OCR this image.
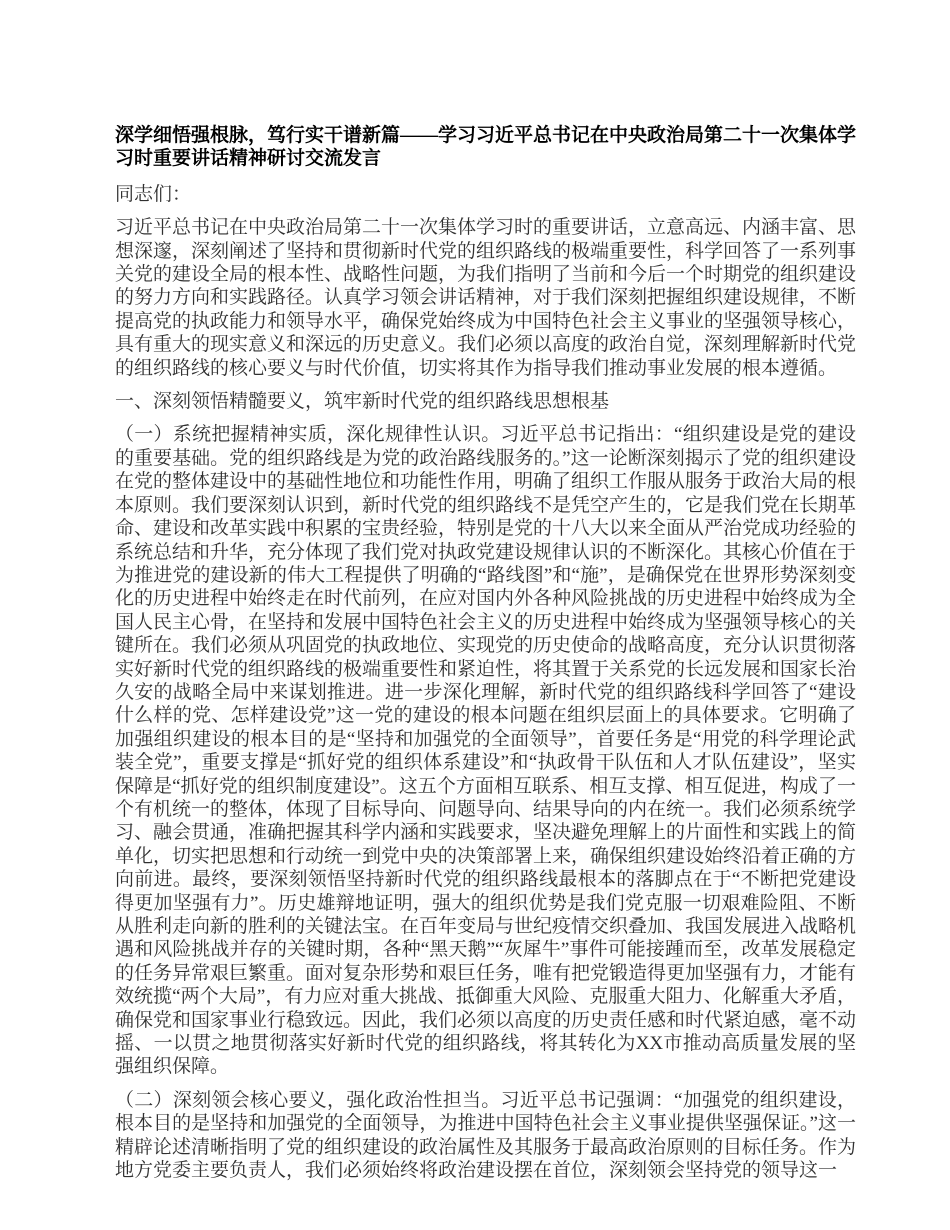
深学细悟强根脉，笃行实干谱新篇——学习习近平总书记在中央政治局第二十一次集体学习时重要讲话精神研讨交流发言

同志们：

习近平总书记在中央政治局第二十一次集体学习时的重要讲话，立意高远、内涵丰富、思想深邃，深刻阐述了坚持和贯彻新时代党的组织路线的极端重要性，科学回答了一系列事关党的建设全局的根本性、战略性问题，为我们指明了当前和今后一个时期党的组织建设的努力方向和实践路径。认真学习领会讲话精神，对于我们深刻把握组织建设规律，不断提高党的执政能力和领导水平，确保党始终成为中国特色社会主义事业的坚强领导核心，具有重大的现实意义和深远的历史意义。我们必须以高度的政治自觉，深刻理解新时代党的组织路线的核心要义与时代价值，切实将其作为指导我们推动事业发展的根本遵循。

一、深刻领悟精髓要义，筑牢新时代党的组织路线思想根基

（一）系统把握精神实质，深化规律性认识。习近平总书记指出：“组织建设是党的建设的重要基础。党的组织路线是为党的政治路线服务的。”这一论断深刻揭示了党的组织建设在党的整体建设中的基础性地位和功能性作用，明确了组织工作服从服务于政治大局的根本原则。我们要深刻认识到，新时代党的组织路线不是凭空产生的，它是我们党在长期革命、建设和改革实践中积累的宝贵经验，特别是党的十八大以来全面从严治党成功经验的系统总结和升华，充分体现了我们党对执政党建设规律认识的不断深化。其核心价值在于为推进党的建设新的伟大工程提供了明确的“路线图”和“施”，是确保党在世界形势深刻变化的历史进程中始终走在时代前列，在应对国内外各种风险挑战的历史进程中始终成为全国人民主心骨，在坚持和发展中国特色社会主义的历史进程中始终成为坚强领导核心的关键所在。我们必须从巩固党的执政地位、实现党的历史使命的战略高度，充分认识贯彻落实好新时代党的组织路线的极端重要性和紧迫性，将其置于关系党的长远发展和国家长治久安的战略全局中来谋划推进。进一步深化理解，新时代党的组织路线科学回答了“建设什么样的党、怎样建设党”这一党的建设的根本问题在组织层面上的具体要求。它明确了加强组织建设的根本目的是“坚持和加强党的全面领导”，首要任务是“用党的科学理论武装全党”，重要支撑是“抓好党的组织体系建设”和“执政骨干队伍和人才队伍建设”，坚实保障是“抓好党的组织制度建设”。这五个方面相互联系、相互支撑、相互促进，构成了一个有机统一的整体，体现了目标导向、问题导向、结果导向的内在统一。我们必须系统学习、融会贯通，准确把握其科学内涵和实践要求，坚决避免理解上的片面性和实践上的简单化，切实把思想和行动统一到党中央的决策部署上来，确保组织建设始终沿着正确的方向前进。最终，要深刻领悟坚持新时代党的组织路线最根本的落脚点在于“不断把党建设得更加坚强有力”。历史雄辩地证明，强大的组织优势是我们党克服一切艰难险阻、不断从胜利走向新的胜利的关键法宝。在百年变局与世纪疫情交织叠加、我国发展进入战略机遇和风险挑战并存的关键时期，各种“黑天鹅”“灰犀牛”事件可能接踵而至，改革发展稳定的任务异常艰巨繁重。面对复杂形势和艰巨任务，唯有把党锻造得更加坚强有力，才能有效统揽“两个大局”，有力应对重大挑战、抵御重大风险、克服重大阻力、化解重大矛盾，确保党和国家事业行稳致远。因此，我们必须以高度的历史责任感和时代紧迫感，毫不动摇、一以贯之地贯彻落实好新时代党的组织路线，将其转化为XX市推动高质量发展的坚强组织保障。

（二）深刻领会核心要义，强化政治性担当。习近平总书记强调：“加强党的组织建设，根本目的是坚持和加强党的全面领导，为推进中国特色社会主义事业提供坚强保证。”这一精辟论述清晰指明了党的组织建设的政治属性及其服务于最高政治原则的目标任务。作为地方党委主要负责人，我们必须始终将政治建设摆在首位，深刻领会坚持党的领导这一
